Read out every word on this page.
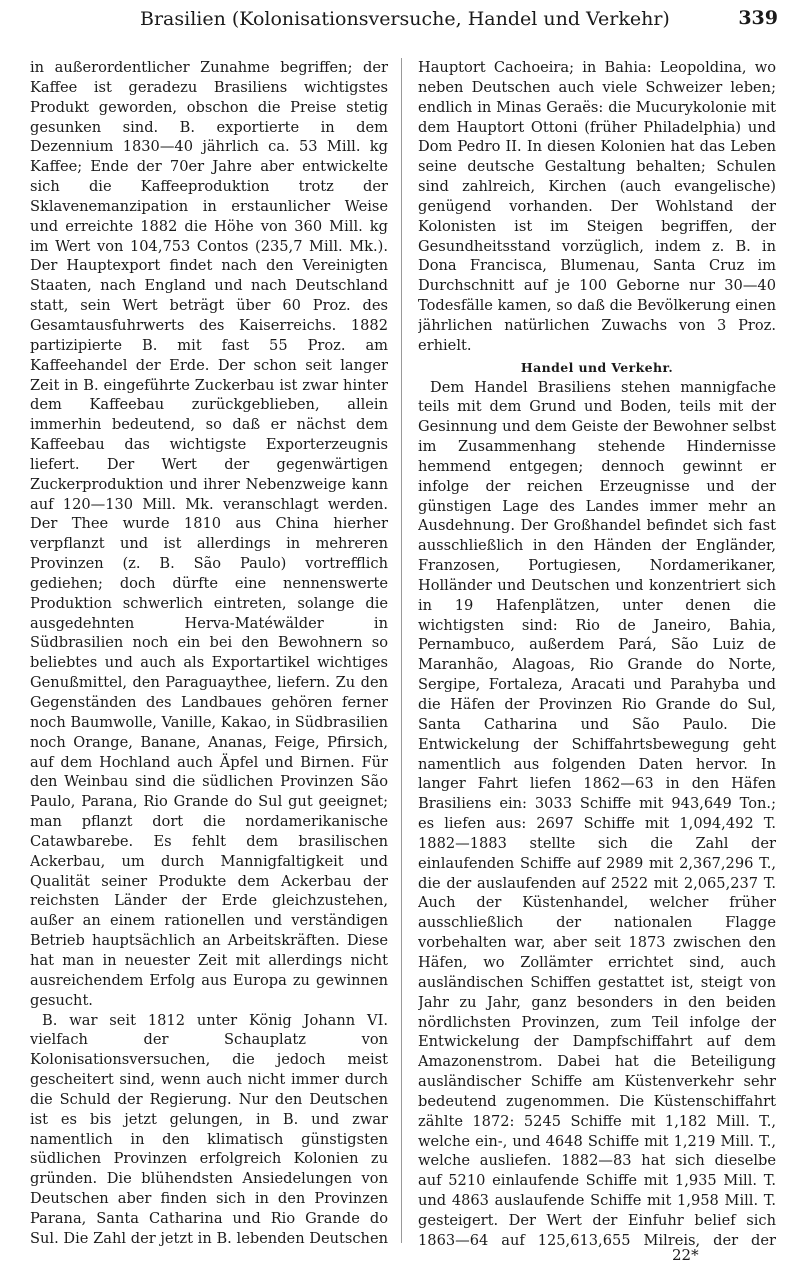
Brasilien (Kolonisationsversuche, Handel und Verkehr)	339

in außerordentlicher Zunahme begriffen; der Kaffee ist geradezu Brasiliens wichtigstes Produkt geworden, obschon die Preise stetig gesunken sind. B. exportierte in dem Dezennium 1830—40 jährlich ca. 53 Mill. kg Kaffee; Ende der 70er Jahre aber entwickelte sich die Kaffeeproduktion trotz der Sklavenemanzipation in erstaunlicher Weise und erreichte 1882 die Höhe von 360 Mill. kg im Wert von 104,753 Contos (235,7 Mill. Mk.). Der Hauptexport findet nach den Vereinigten Staaten, nach England und nach Deutschland statt, sein Wert beträgt über 60 Proz. des Gesamtausfuhrwerts des Kaiserreichs. 1882 partizipierte B. mit fast 55 Proz. am Kaffeehandel der Erde. Der schon seit langer Zeit in B. eingeführte Zuckerbau ist zwar hinter dem Kaffeebau zurückgeblieben, allein immerhin bedeutend, so daß er nächst dem Kaffeebau das wichtigste Exporterzeugnis liefert. Der Wert der gegenwärtigen Zuckerproduktion und ihrer Nebenzweige kann auf 120—130 Mill. Mk. veranschlagt werden. Der Thee wurde 1810 aus China hierher verpflanzt und ist allerdings in mehreren Provinzen (z. B. São Paulo) vortrefflich gediehen; doch dürfte eine nennenswerte Produktion schwerlich eintreten, solange die ausgedehnten Herva-Matéwälder in Südbrasilien noch ein bei den Bewohnern so beliebtes und auch als Exportartikel wichtiges Genußmittel, den Paraguaythee, liefern. Zu den Gegenständen des Landbaues gehören ferner noch Baumwolle, Vanille, Kakao, in Südbrasilien noch Orange, Banane, Ananas, Feige, Pfirsich, auf dem Hochland auch Äpfel und Birnen. Für den Weinbau sind die südlichen Provinzen São Paulo, Parana, Rio Grande do Sul gut geeignet; man pflanzt dort die nordamerikanische Catawbarebe. Es fehlt dem brasilischen Ackerbau, um durch Mannigfaltigkeit und Qualität seiner Produkte dem Ackerbau der reichsten Länder der Erde gleichzustehen, außer an einem rationellen und verständigen Betrieb hauptsächlich an Arbeitskräften. Diese hat man in neuester Zeit mit allerdings nicht ausreichendem Erfolg aus Europa zu gewinnen gesucht.

B. war seit 1812 unter König Johann VI. vielfach der Schauplatz von Kolonisationsversuchen, die jedoch meist gescheitert sind, wenn auch nicht immer durch die Schuld der Regierung. Nur den Deutschen ist es bis jetzt gelungen, in B. und zwar namentlich in den klimatisch günstigsten südlichen Provinzen erfolgreich Kolonien zu gründen. Die blühendsten Ansiedelungen von Deutschen aber finden sich in den Provinzen Parana, Santa Catharina und Rio Grande do Sul. Die Zahl der jetzt in B. lebenden Deutschen

Hauptort Cachoeira; in Bahia: Leopoldina, wo neben Deutschen auch viele Schweizer leben; endlich in Minas Geraës: die Mucurykolonie mit dem Hauptort Ottoni (früher Philadelphia) und Dom Pedro II. In diesen Kolonien hat das Leben seine deutsche Gestaltung behalten; Schulen sind zahlreich, Kirchen (auch evangelische) genügend vorhanden. Der Wohlstand der Kolonisten ist im Steigen begriffen, der Gesundheitsstand vorzüglich, indem z. B. in Dona Francisca, Blumenau, Santa Cruz im Durchschnitt auf je 100 Geborne nur 30—40 Todesfälle kamen, so daß die Bevölkerung einen jährlichen natürlichen Zuwachs von 3 Proz. erhielt.

Handel und Verkehr.

Dem Handel Brasiliens stehen mannigfache teils mit dem Grund und Boden, teils mit der Gesinnung und dem Geiste der Bewohner selbst im Zusammenhang stehende Hindernisse hemmend entgegen; dennoch gewinnt er infolge der reichen Erzeugnisse und der günstigen Lage des Landes immer mehr an Ausdehnung. Der Großhandel befindet sich fast ausschließlich in den Händen der Engländer, Franzosen, Portugiesen, Nordamerikaner, Holländer und Deutschen und konzentriert sich in 19 Hafenplätzen, unter denen die wichtigsten sind: Rio de Janeiro, Bahia, Pernambuco, außerdem Pará, São Luiz de Maranhão, Alagoas, Rio Grande do Norte, Sergipe, Fortaleza, Aracati und Parahyba und die Häfen der Provinzen Rio Grande do Sul, Santa Catharina und São Paulo. Die Entwickelung der Schiffahrtsbewegung geht namentlich aus folgenden Daten hervor. In langer Fahrt liefen 1862—63 in den Häfen Brasiliens ein: 3033 Schiffe mit 943,649 Ton.; es liefen aus: 2697 Schiffe mit 1,094,492 T. 1882—1883 stellte sich die Zahl der einlaufenden Schiffe auf 2989 mit 2,367,296 T., die der auslaufenden auf 2522 mit 2,065,237 T. Auch der Küstenhandel, welcher früher ausschließlich der nationalen Flagge vorbehalten war, aber seit 1873 zwischen den Häfen, wo Zollämter errichtet sind, auch ausländischen Schiffen gestattet ist, steigt von Jahr zu Jahr, ganz besonders in den beiden nördlichsten Provinzen, zum Teil infolge der Entwickelung der Dampfschiffahrt auf dem Amazonenstrom. Dabei hat die Beteiligung ausländischer Schiffe am Küstenverkehr sehr bedeutend zugenommen. Die Küstenschiffahrt zählte 1872: 5245 Schiffe mit 1,182 Mill. T., welche ein-, und 4648 Schiffe mit 1,219 Mill. T., welche ausliefen. 1882—83 hat sich dieselbe auf 5210 einlaufende Schiffe mit 1,935 Mill. T. und 4863 auslaufende Schiffe mit 1,958 Mill. T. gesteigert. Der Wert der Einfuhr belief sich 1863—64 auf 125,613,655 Milreis, der der

22*
